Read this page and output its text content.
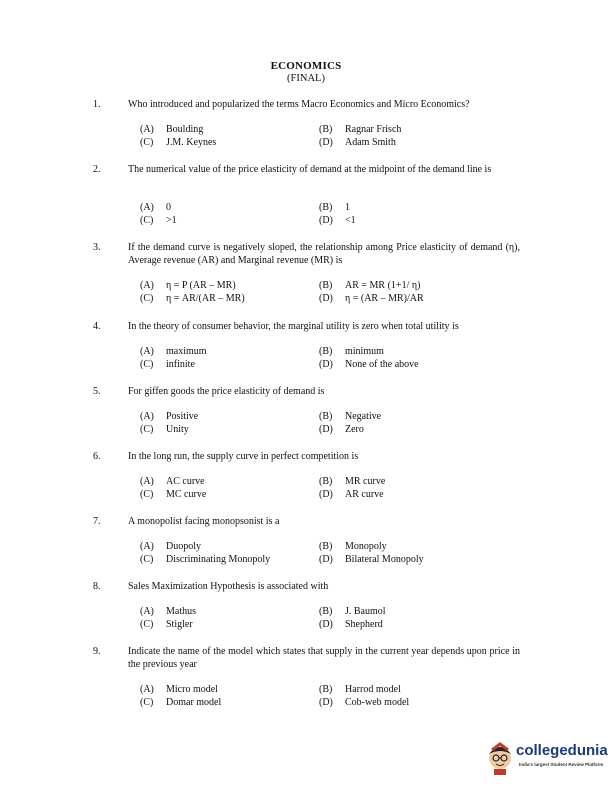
ECONOMICS
(FINAL)
1.	Who introduced and popularized the terms Macro Economics and Micro Economics?
(A) Boulding	(B) Ragnar Frisch
(C) J.M. Keynes	(D) Adam Smith
2.	The numerical value of the price elasticity of demand at the midpoint of the demand line is
(A) 0	(B) 1
(C) >1	(D) <1
3.	If the demand curve is negatively sloped, the relationship among Price elasticity of demand (η), Average revenue (AR) and Marginal revenue (MR) is
(A) η = P (AR – MR)	(B) AR = MR (1+1/ η)
(C) η = AR/(AR – MR)	(D) η = (AR – MR)/AR
4.	In the theory of consumer behavior, the marginal utility is zero when total utility is
(A) maximum	(B) minimum
(C) infinite	(D) None of the above
5.	For giffen goods the price elasticity of demand is
(A) Positive	(B) Negative
(C) Unity	(D) Zero
6.	In the long run, the supply curve in perfect competition is
(A) AC curve	(B) MR curve
(C) MC curve	(D) AR curve
7.	A monopolist facing monopsonist is a
(A) Duopoly	(B) Monopoly
(C) Discriminating Monopoly	(D) Bilateral Monopoly
8.	Sales Maximization Hypothesis is associated with
(A) Mathus	(B) J. Baumol
(C) Stigler	(D) Shepherd
9.	Indicate the name of the model which states that supply in the current year depends upon price in the previous year
(A) Micro model	(B) Harrod model
(C) Domar model	(D) Cob-web model
collegedunia
India's largest Student Review Platform
